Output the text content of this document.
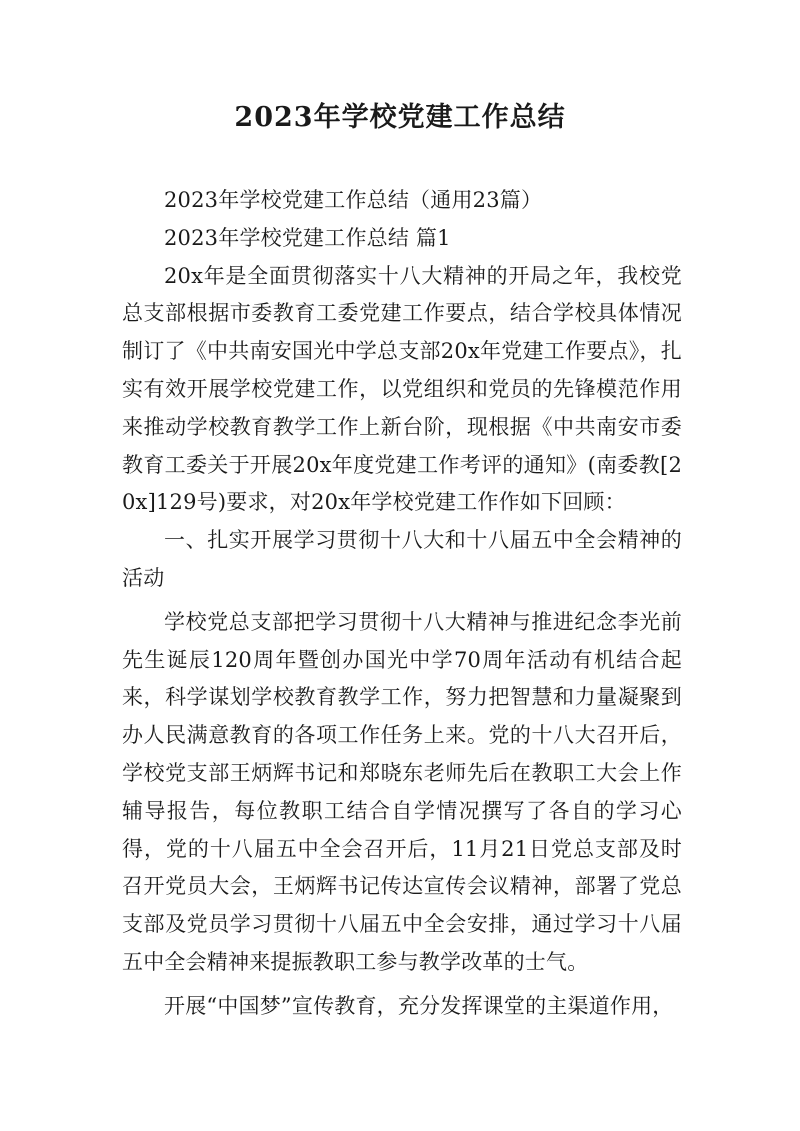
2023年学校党建工作总结

2023年学校党建工作总结（通用23篇）

2023年学校党建工作总结 篇1

20x年是全面贯彻落实十八大精神的开局之年，我校党总支部根据市委教育工委党建工作要点，结合学校具体情况制订了《中共南安国光中学总支部20x年党建工作要点》，扎实有效开展学校党建工作，以党组织和党员的先锋模范作用来推动学校教育教学工作上新台阶，现根据《中共南安市委教育工委关于开展20x年度党建工作考评的通知》(南委教[20x]129号)要求，对20x年学校党建工作作如下回顾：

一、扎实开展学习贯彻十八大和十八届五中全会精神的活动

学校党总支部把学习贯彻十八大精神与推进纪念李光前先生诞辰120周年暨创办国光中学70周年活动有机结合起来，科学谋划学校教育教学工作，努力把智慧和力量凝聚到办人民满意教育的各项工作任务上来。党的十八大召开后，学校党支部王炳辉书记和郑晓东老师先后在教职工大会上作辅导报告，每位教职工结合自学情况撰写了各自的学习心得，党的十八届五中全会召开后，11月21日党总支部及时召开党员大会，王炳辉书记传达宣传会议精神，部署了党总支部及党员学习贯彻十八届五中全会安排，通过学习十八届五中全会精神来提振教职工参与教学改革的士气。

开展“中国梦”宣传教育，充分发挥课堂的主渠道作用，
